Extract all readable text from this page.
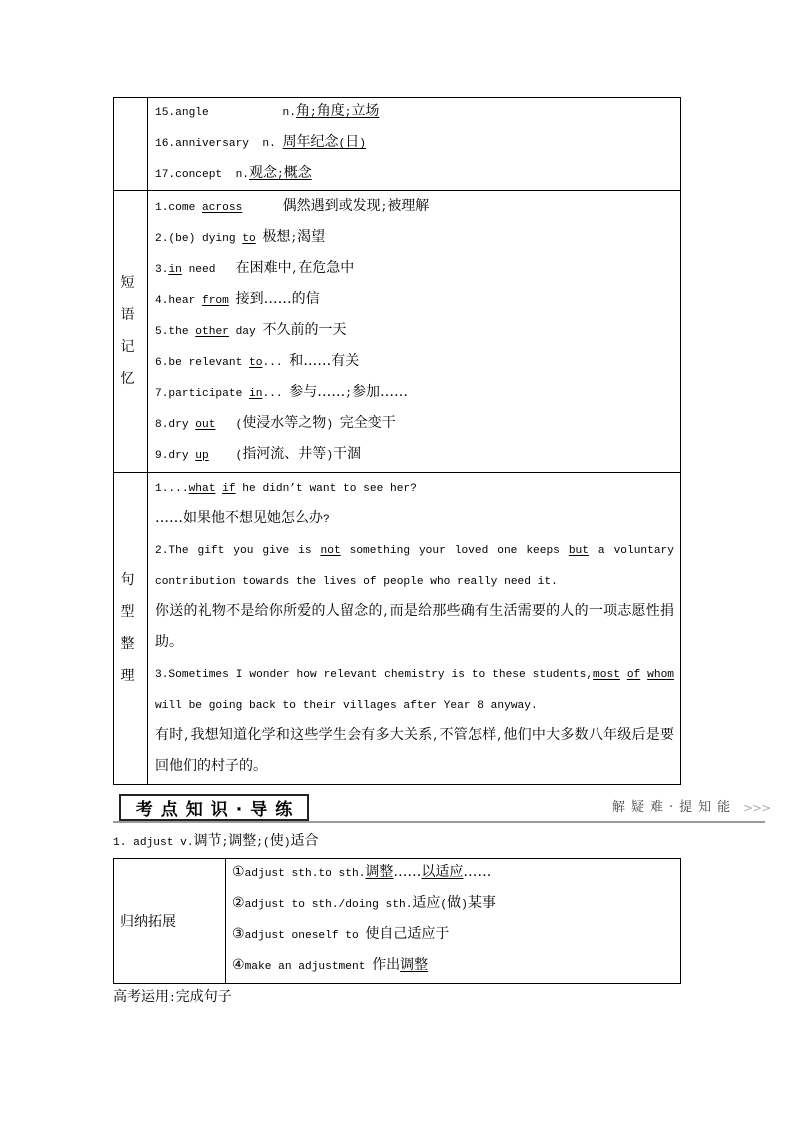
15.angle           n.角;角度;立场
16.anniversary  n. 周年纪念(日)
17.concept  n.观念;概念
短语记忆
1.come across	偶然遇到或发现;被理解
2.(be) dying to 极想;渴望
3.in need   在困难中,在危急中
4.hear from 接到……的信
5.the other day 不久前的一天
6.be relevant to... 和……有关
7.participate in... 参与……;参加……
8.dry out   (使浸水等之物) 完全变干
9.dry up    (指河流、井等)干涸
句型整理
1....what if he didn’t want to see her?
……如果他不想见她怎么办?
2.The gift you give is not something your loved one keeps but a voluntary contribution towards the lives of people who really need it.
你送的礼物不是给你所爱的人留念的,而是给那些确有生活需要的人的一项志愿性捐助。
3.Sometimes I wonder how relevant chemistry is to these students,most of whom will be going back to their villages after Year 8 anyway.
有时,我想知道化学和这些学生会有多大关系,不管怎样,他们中大多数八年级后是要回他们的村子的。
考点知识·导练	解疑难·提知能 >>>
1. adjust v.调节;调整;(使)适合
归纳拓展
①adjust sth.to sth.调整……以适应……
②adjust to sth./doing sth.适应(做)某事
③adjust oneself to 使自己适应于
④make an adjustment 作出调整
高考运用:完成句子
